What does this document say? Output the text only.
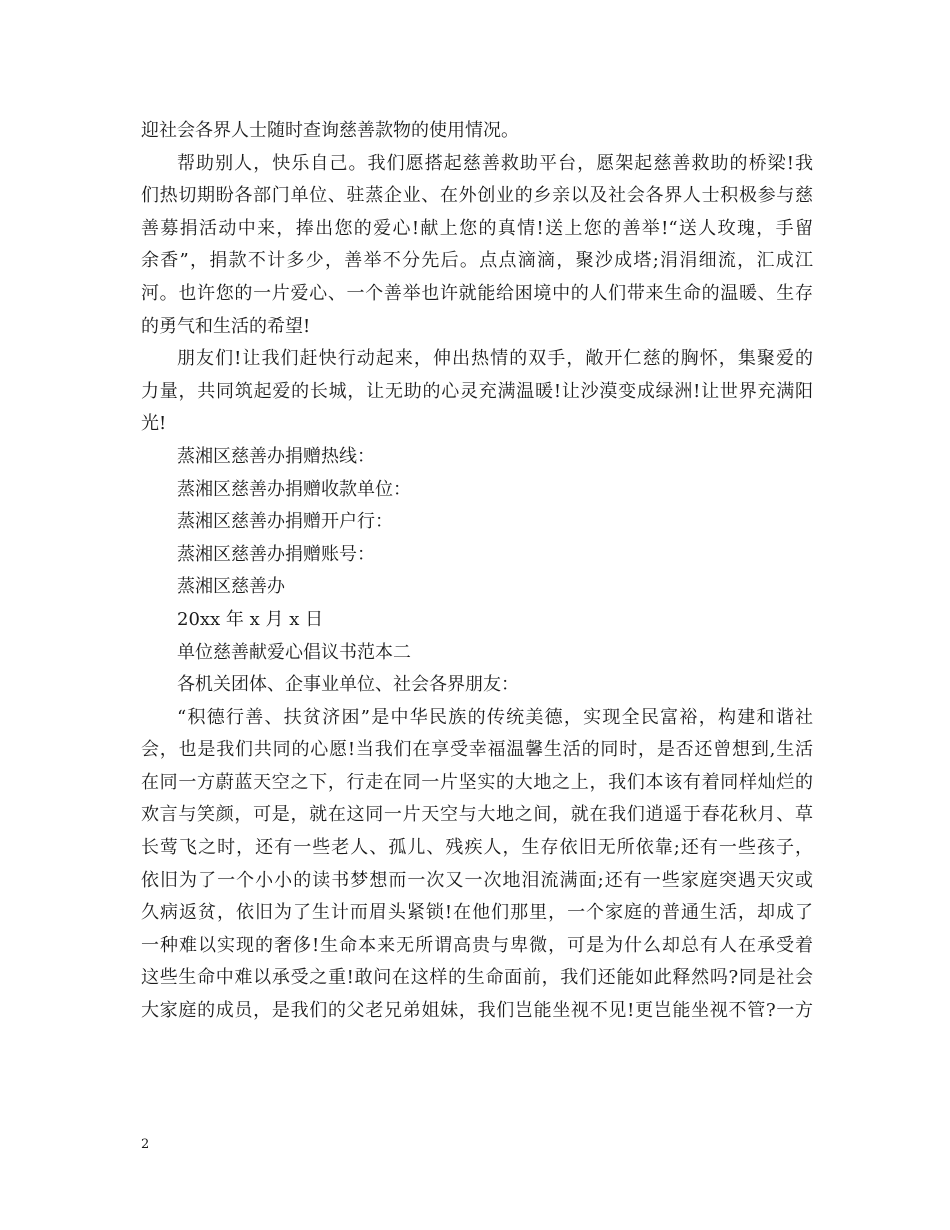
迎社会各界人士随时查询慈善款物的使用情况。
帮助别人，快乐自己。我们愿搭起慈善救助平台，愿架起慈善救助的桥梁!我
们热切期盼各部门单位、驻蒸企业、在外创业的乡亲以及社会各界人士积极参与慈
善募捐活动中来，捧出您的爱心!献上您的真情!送上您的善举!“送人玫瑰，手留
余香”，捐款不计多少，善举不分先后。点点滴滴，聚沙成塔;涓涓细流，汇成江
河。也许您的一片爱心、一个善举也许就能给困境中的人们带来生命的温暖、生存
的勇气和生活的希望!
朋友们!让我们赶快行动起来，伸出热情的双手，敞开仁慈的胸怀，集聚爱的
力量，共同筑起爱的长城，让无助的心灵充满温暖!让沙漠变成绿洲!让世界充满阳
光!
蒸湘区慈善办捐赠热线：
蒸湘区慈善办捐赠收款单位：
蒸湘区慈善办捐赠开户行：
蒸湘区慈善办捐赠账号：
蒸湘区慈善办
20xx 年 x 月 x 日
单位慈善献爱心倡议书范本二
各机关团体、企事业单位、社会各界朋友：
“积德行善、扶贫济困”是中华民族的传统美德，实现全民富裕，构建和谐社
会，也是我们共同的心愿!当我们在享受幸福温馨生活的同时，是否还曾想到,生活
在同一方蔚蓝天空之下，行走在同一片坚实的大地之上，我们本该有着同样灿烂的
欢言与笑颜，可是，就在这同一片天空与大地之间，就在我们逍遥于春花秋月、草
长莺飞之时，还有一些老人、孤儿、残疾人，生存依旧无所依靠;还有一些孩子，
依旧为了一个小小的读书梦想而一次又一次地泪流满面;还有一些家庭突遇天灾或
久病返贫，依旧为了生计而眉头紧锁!在他们那里，一个家庭的普通生活，却成了
一种难以实现的奢侈!生命本来无所谓高贵与卑微，可是为什么却总有人在承受着
这些生命中难以承受之重!敢问在这样的生命面前，我们还能如此释然吗?同是社会
大家庭的成员，是我们的父老兄弟姐妹，我们岂能坐视不见!更岂能坐视不管?一方
2
